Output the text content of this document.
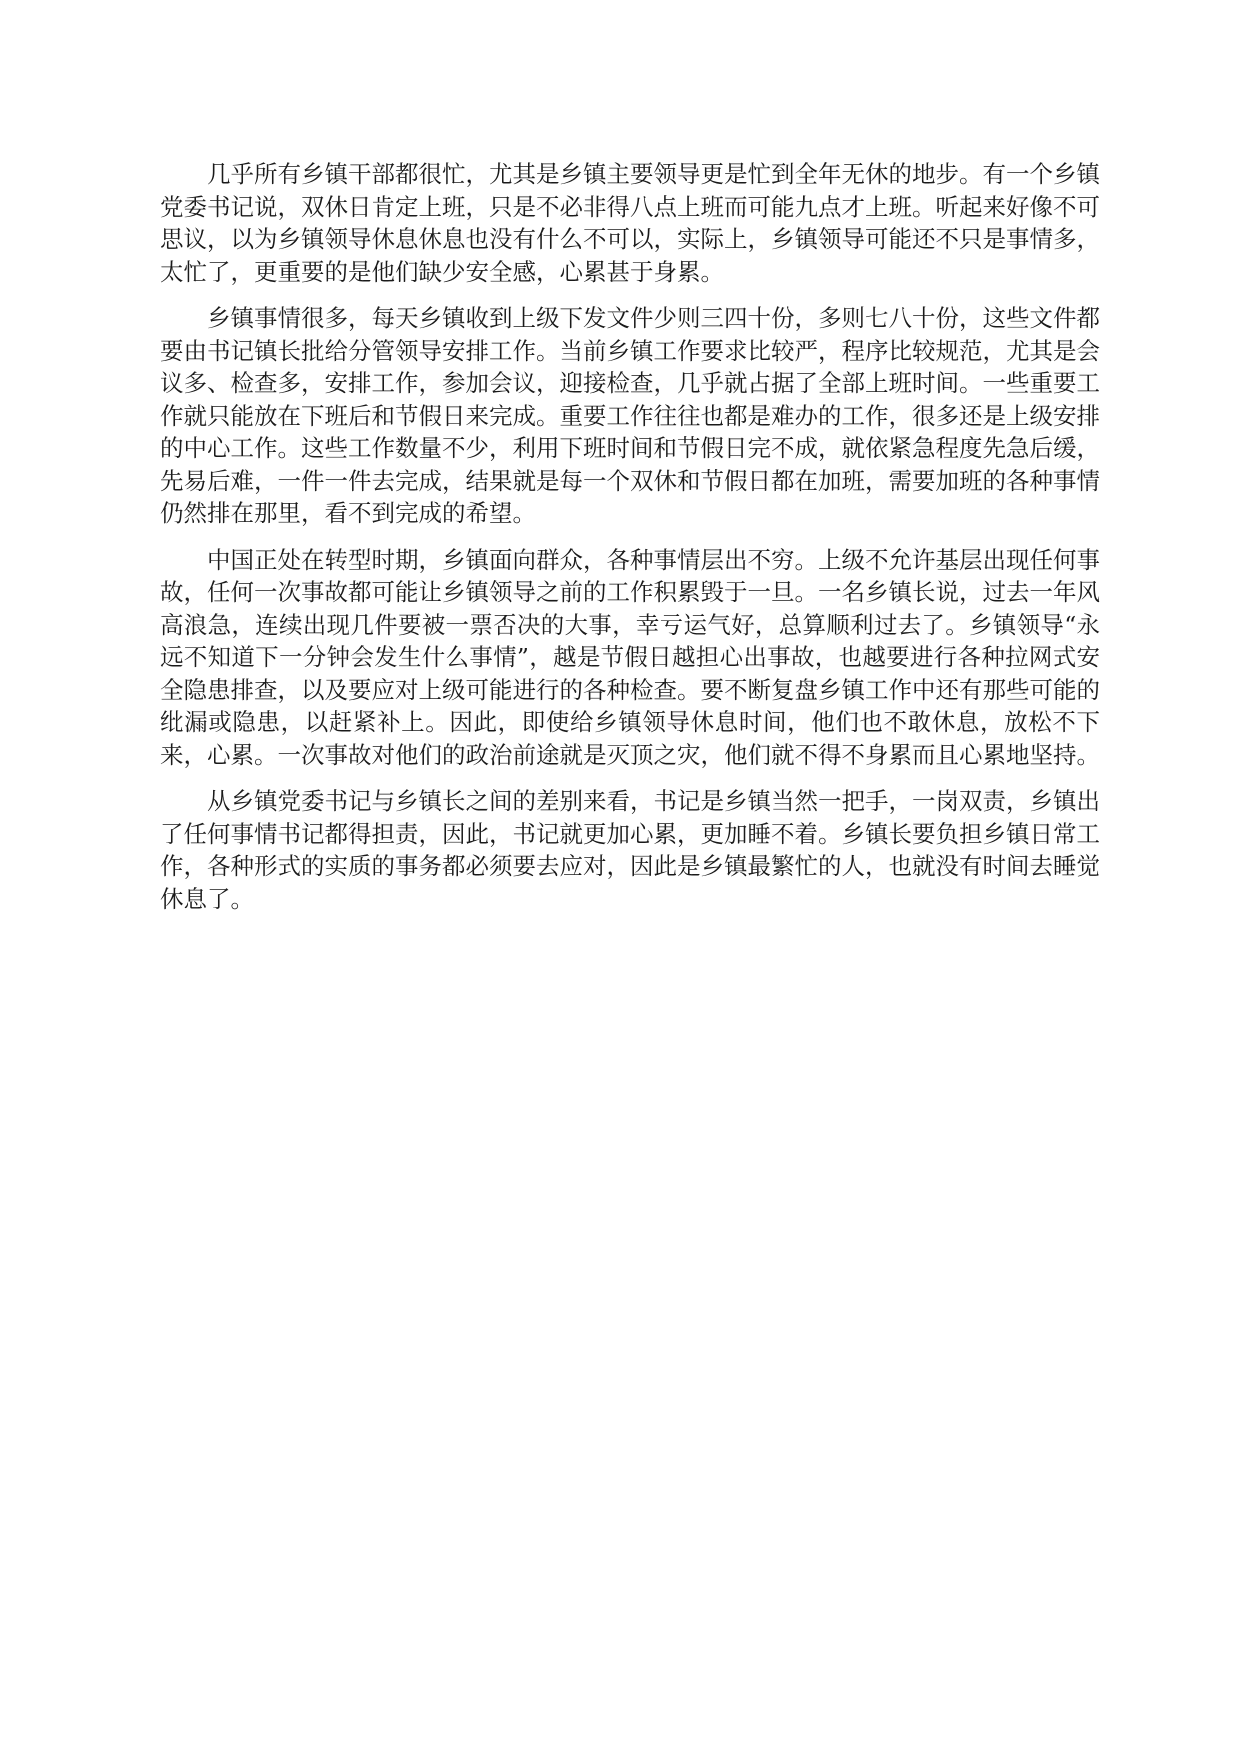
几乎所有乡镇干部都很忙，尤其是乡镇主要领导更是忙到全年无休的地步。有一个乡镇党委书记说，双休日肯定上班，只是不必非得八点上班而可能九点才上班。听起来好像不可思议，以为乡镇领导休息休息也没有什么不可以，实际上，乡镇领导可能还不只是事情多，太忙了，更重要的是他们缺少安全感，心累甚于身累。

乡镇事情很多，每天乡镇收到上级下发文件少则三四十份，多则七八十份，这些文件都要由书记镇长批给分管领导安排工作。当前乡镇工作要求比较严，程序比较规范，尤其是会议多、检查多，安排工作，参加会议，迎接检查，几乎就占据了全部上班时间。一些重要工作就只能放在下班后和节假日来完成。重要工作往往也都是难办的工作，很多还是上级安排的中心工作。这些工作数量不少，利用下班时间和节假日完不成，就依紧急程度先急后缓，先易后难，一件一件去完成，结果就是每一个双休和节假日都在加班，需要加班的各种事情仍然排在那里，看不到完成的希望。

中国正处在转型时期，乡镇面向群众，各种事情层出不穷。上级不允许基层出现任何事故，任何一次事故都可能让乡镇领导之前的工作积累毁于一旦。一名乡镇长说，过去一年风高浪急，连续出现几件要被一票否决的大事，幸亏运气好，总算顺利过去了。乡镇领导“永远不知道下一分钟会发生什么事情”，越是节假日越担心出事故，也越要进行各种拉网式安全隐患排查，以及要应对上级可能进行的各种检查。要不断复盘乡镇工作中还有那些可能的纰漏或隐患，以赶紧补上。因此，即使给乡镇领导休息时间，他们也不敢休息，放松不下来，心累。一次事故对他们的政治前途就是灭顶之灾，他们就不得不身累而且心累地坚持。

从乡镇党委书记与乡镇长之间的差别来看，书记是乡镇当然一把手，一岗双责，乡镇出了任何事情书记都得担责，因此，书记就更加心累，更加睡不着。乡镇长要负担乡镇日常工作，各种形式的实质的事务都必须要去应对，因此是乡镇最繁忙的人，也就没有时间去睡觉休息了。
